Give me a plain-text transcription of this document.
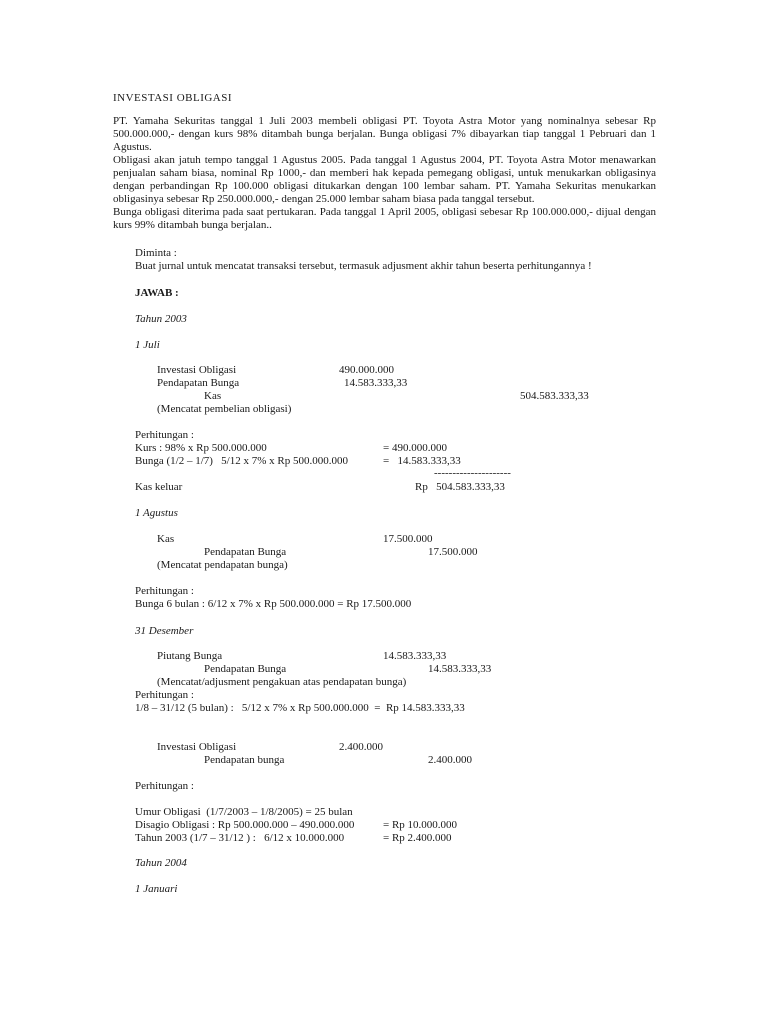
INVESTASI OBLIGASI

PT. Yamaha Sekuritas tanggal 1 Juli 2003 membeli obligasi PT. Toyota Astra Motor yang nominalnya sebesar Rp 500.000.000,- dengan kurs 98% ditambah bunga berjalan. Bunga obligasi 7% dibayarkan tiap tanggal 1 Pebruari dan 1 Agustus.

Obligasi akan jatuh tempo tanggal 1 Agustus 2005. Pada tanggal 1 Agustus 2004, PT. Toyota Astra Motor menawarkan penjualan saham biasa, nominal Rp 1000,- dan memberi hak kepada pemegang obligasi, untuk menukarkan obligasinya dengan perbandingan Rp 100.000 obligasi ditukarkan dengan 100 lembar saham. PT. Yamaha Sekuritas menukarkan obligasinya sebesar Rp 250.000.000,- dengan 25.000 lembar saham biasa pada tanggal tersebut.

Bunga obligasi diterima pada saat pertukaran. Pada tanggal 1 April 2005, obligasi sebesar Rp 100.000.000,- dijual dengan kurs 99% ditambah bunga berjalan..

Diminta :
Buat jurnal untuk mencatat transaksi tersebut, termasuk adjusment akhir tahun beserta perhitungannya !
JAWAB :
Tahun 2003
1 Juli
Investasi Obligasi	490.000.000
Pendapatan Bunga	14.583.333,33
Kas	504.583.333,33
(Mencatat pembelian obligasi)
Perhitungan :
Kurs : 98% x Rp 500.000.000	= 490.000.000
Bunga (1/2 – 1/7)   5/12 x 7% x Rp 500.000.000	=   14.583.333,33
---------------------
Kas keluar	Rp   504.583.333,33
1 Agustus
Kas	17.500.000
Pendapatan Bunga	17.500.000
(Mencatat pendapatan bunga)
Perhitungan :
Bunga 6 bulan : 6/12 x 7% x Rp 500.000.000 = Rp 17.500.000
31 Desember
Piutang Bunga	14.583.333,33
Pendapatan Bunga	14.583.333,33
(Mencatat/adjusment pengakuan atas pendapatan bunga)
Perhitungan :
1/8 – 31/12 (5 bulan) :   5/12 x 7% x Rp 500.000.000  =  Rp 14.583.333,33
Investasi Obligasi	2.400.000
Pendapatan bunga	2.400.000
Perhitungan :
Umur Obligasi  (1/7/2003 – 1/8/2005) = 25 bulan
Disagio Obligasi : Rp 500.000.000 – 490.000.000	= Rp 10.000.000
Tahun 2003 (1/7 – 31/12 ) :   6/12 x 10.000.000	= Rp 2.400.000
Tahun 2004
1 Januari
